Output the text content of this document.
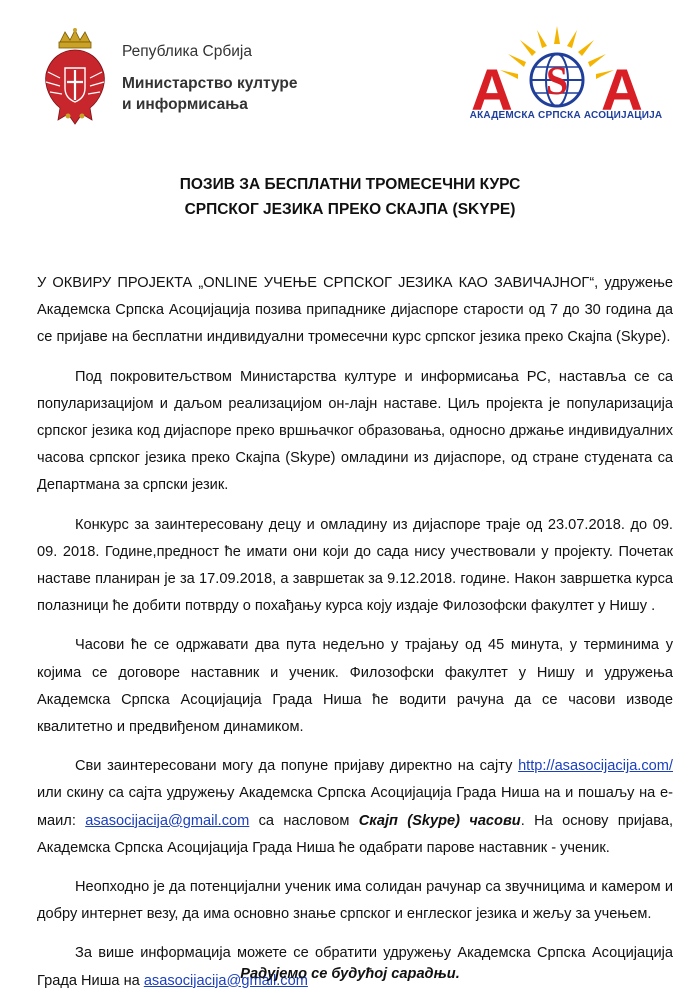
Република Србија
Министарство културе
и информисања
S
A A
АКАДЕМСКА СРПСКА АСОЦИЈАЦИЈА
ПОЗИВ ЗА БЕСПЛАТНИ ТРОМЕСЕЧНИ КУРС
СРПСКОГ ЈЕЗИКА ПРЕКО СКАЈПА (SKYPE)

У ОКВИРУ ПРОЈЕКТА „ONLINE УЧЕЊЕ СРПСКОГ ЈЕЗИКА КАО ЗАВИЧАЈНОГ“, удружење Академска Српска Асоцијација позива припаднике дијаспоре старости од 7 до 30 година да се пријаве на бесплатни индивидуални тромесечни курс српског језика преко Скајпа (Skype).

Под покровитељством Министарства културе и информисања РС, наставља се са популаризацијом и даљом реализацијом он-лајн наставе. Циљ пројекта је популаризација српског језика код дијаспоре преко вршњачког образовања, односно држање индивидуалних часова српског језика преко Скајпа (Skype) омладини из дијаспоре, од стране студената са Департмана за српски језик.

Конкурс за заинтересовану децу и омладину из дијаспоре траје од 23.07.2018. до 09. 09. 2018. Године,предност ће имати они који до сада нису учествовали у пројекту. Почетак наставе планиран је за 17.09.2018, а завршетак за 9.12.2018. године. Након завршетка курса полазници ће добити потврду о похађању курса коју издаје Филозофски факултет у Нишу .

Часови ће се одржавати два пута недељно у трајању од 45 минута, у терминима у којима се договоре наставник и ученик. Филозофски факултет у Нишу и удружења Академска Српска Асоцијација Града Ниша ће водити рачуна да се часови изводе квалитетно и предвиђеном динамиком.

Сви заинтересовани могу да попуне пријаву директно на сајту http://asasocijacija.com/ или скину са сајта удружењу Академска Српска Асоцијација Града Ниша на и пошаљу на е-маил: asasocijacija@gmail.com са насловом Скајп (Skype) часови. На основу пријава, Академска Српска Асоцијација Града Ниша ће одабрати парове наставник - ученик.

Неопходно је да потенцијални ученик има солидан рачунар са звучницима и камером и добру интернет везу, да има основно знање српског и енглеског језика и жељу за учењем.

За више информација можете се обратити удружењу Академска Српска Асоцијација Града Ниша на asasocijacija@gmail.com

Радујемо се будућој сарадњи.
